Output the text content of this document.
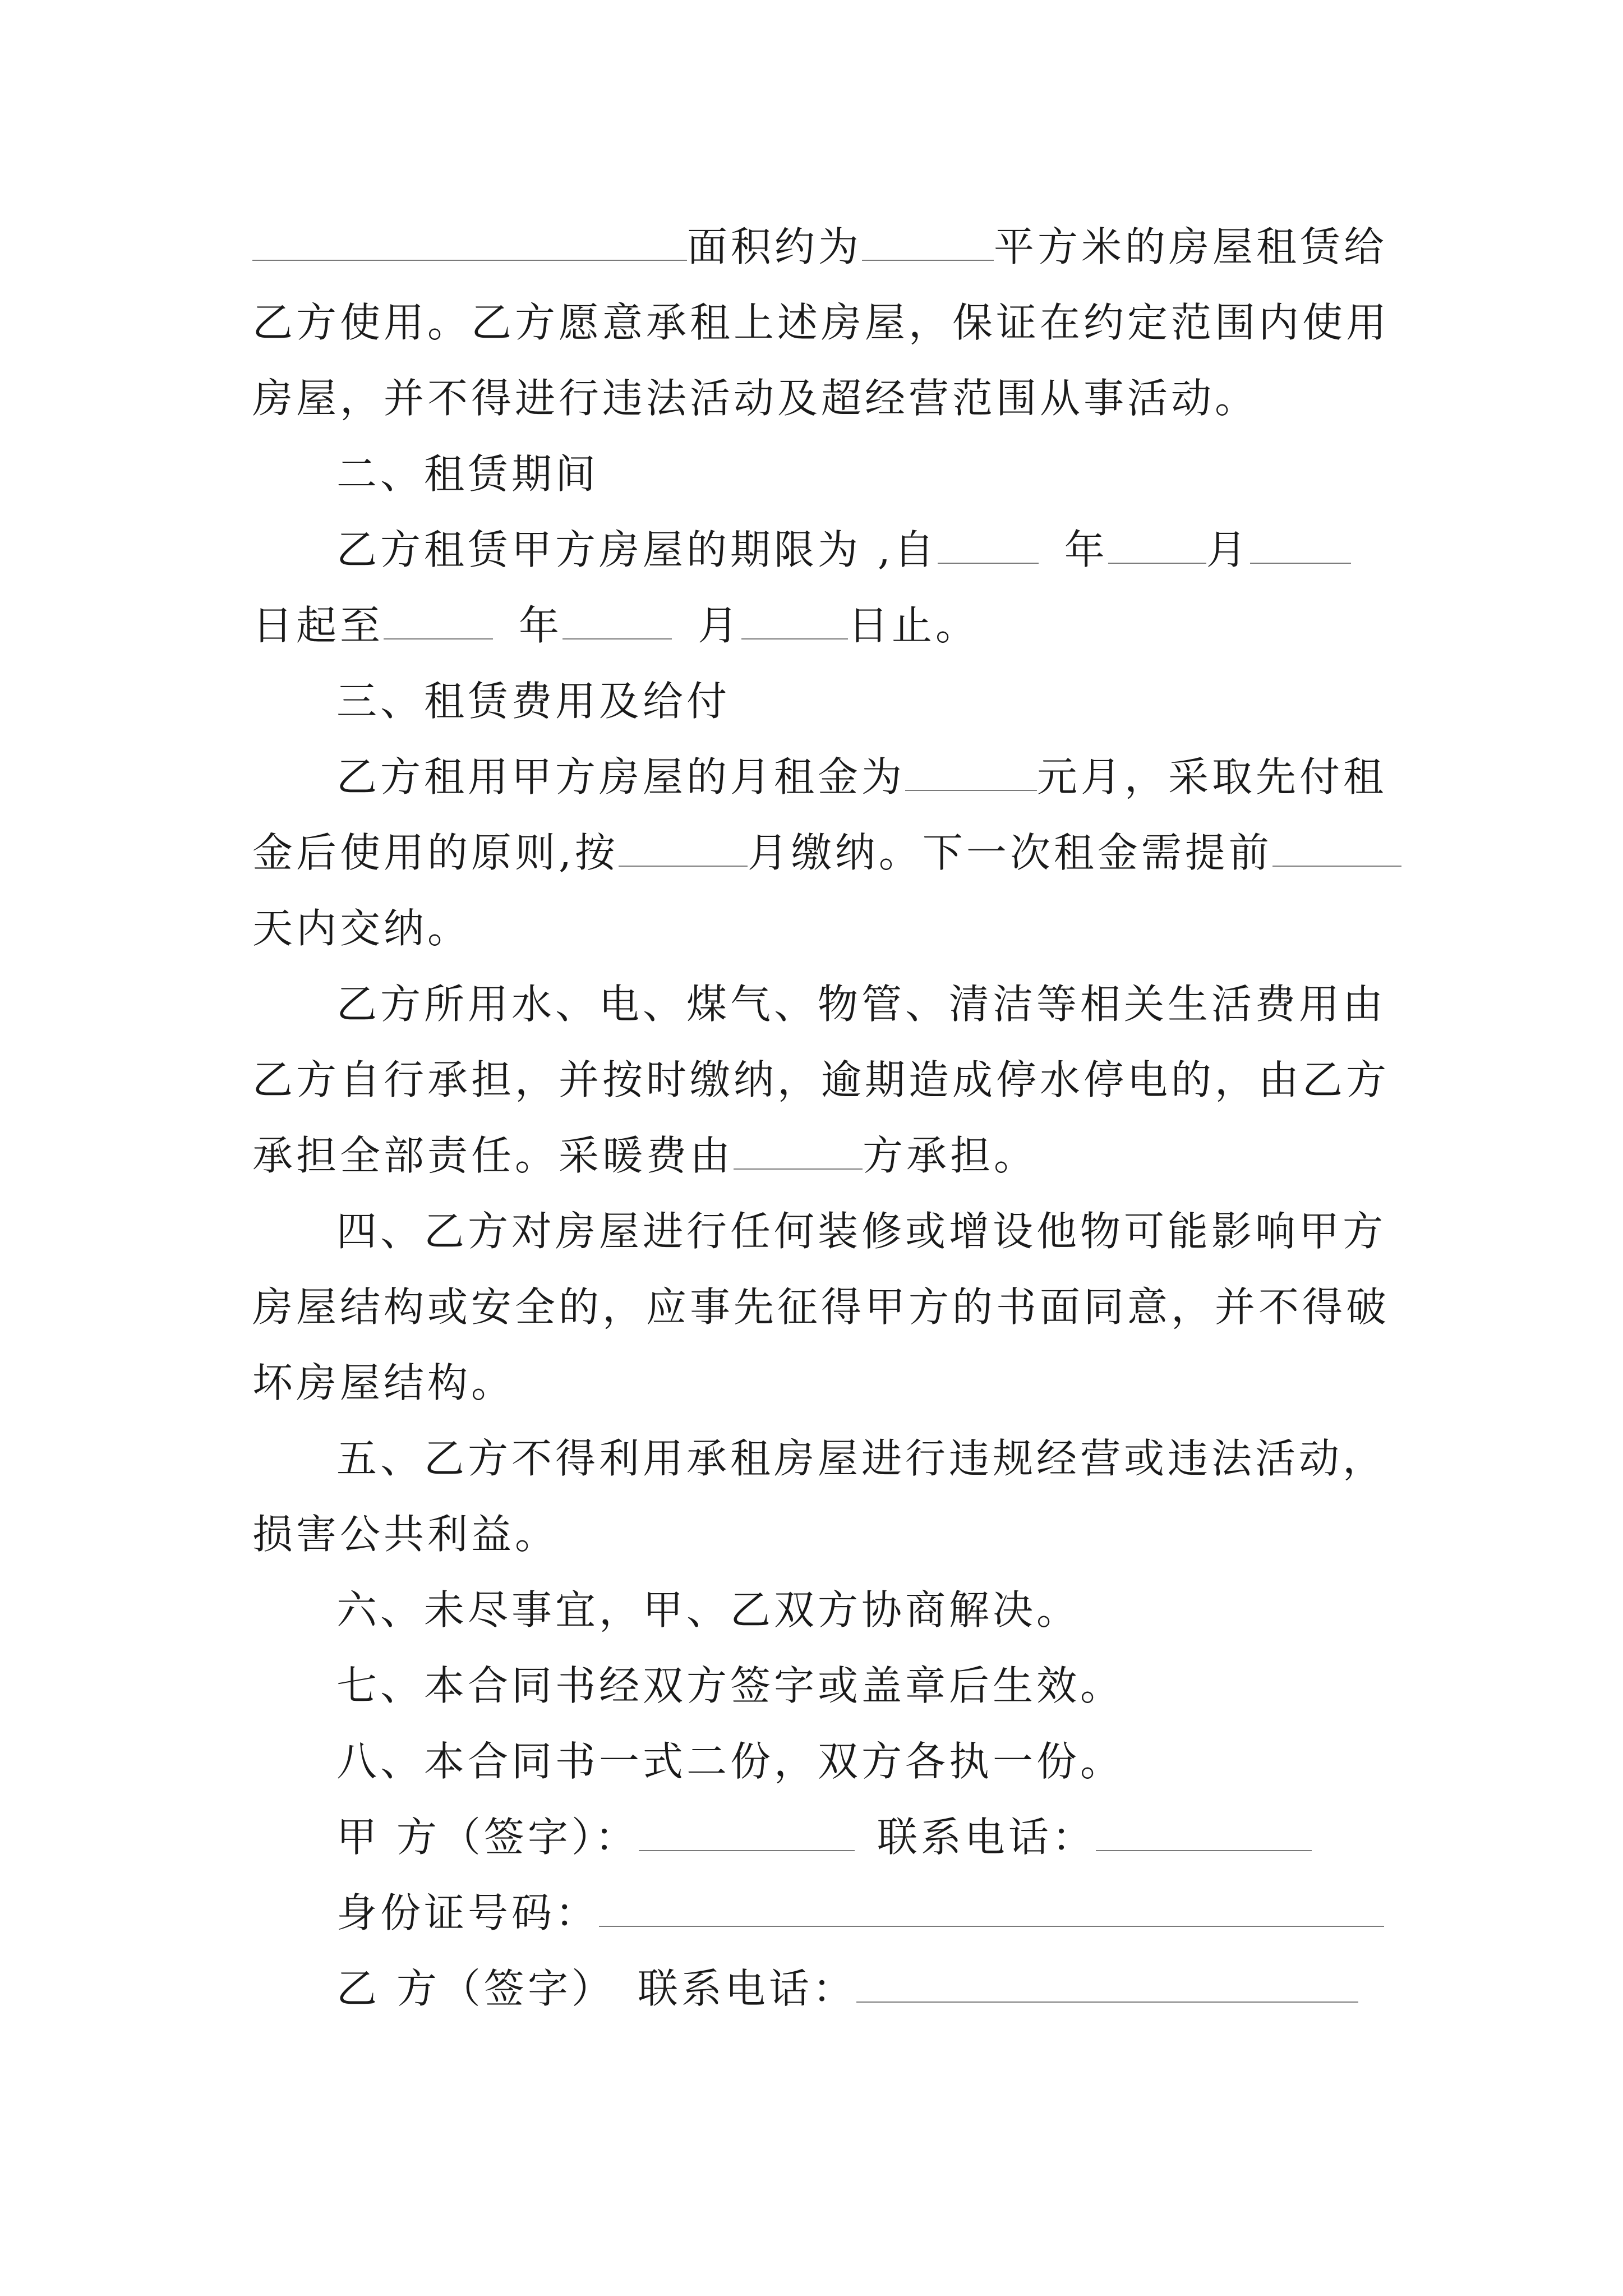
面积约为	平方米的房屋租赁给
乙方使用。乙方愿意承租上述房屋，保证在约定范围内使用
房屋，并不得进行违法活动及超经营范围从事活动。
二、租赁期间
乙方租赁甲方房屋的期限为 ,自	年 月
日起至	年	月	日止。
三、租赁费用及给付
乙方租用甲方房屋的月租金为	元月，采取先付租
金后使用的原则,按	月缴纳。下一次租金需提前
天内交纳。
乙方所用水、电、煤气、物管、清洁等相关生活费用由
乙方自行承担，并按时缴纳，逾期造成停水停电的，由乙方
承担全部责任。采暖费由	方承担。
四、乙方对房屋进行任何装修或增设他物可能影响甲方
房屋结构或安全的，应事先征得甲方的书面同意，并不得破
坏房屋结构。
五、乙方不得利用承租房屋进行违规经营或违法活动，
损害公共利益。
六、未尽事宜，甲、乙双方协商解决。
七、本合同书经双方签字或盖章后生效。
八、本合同书一式二份，双方各执一份。
甲 方（签字）：	联系电话：
身份证号码：
乙 方（签字） 联系电话：
